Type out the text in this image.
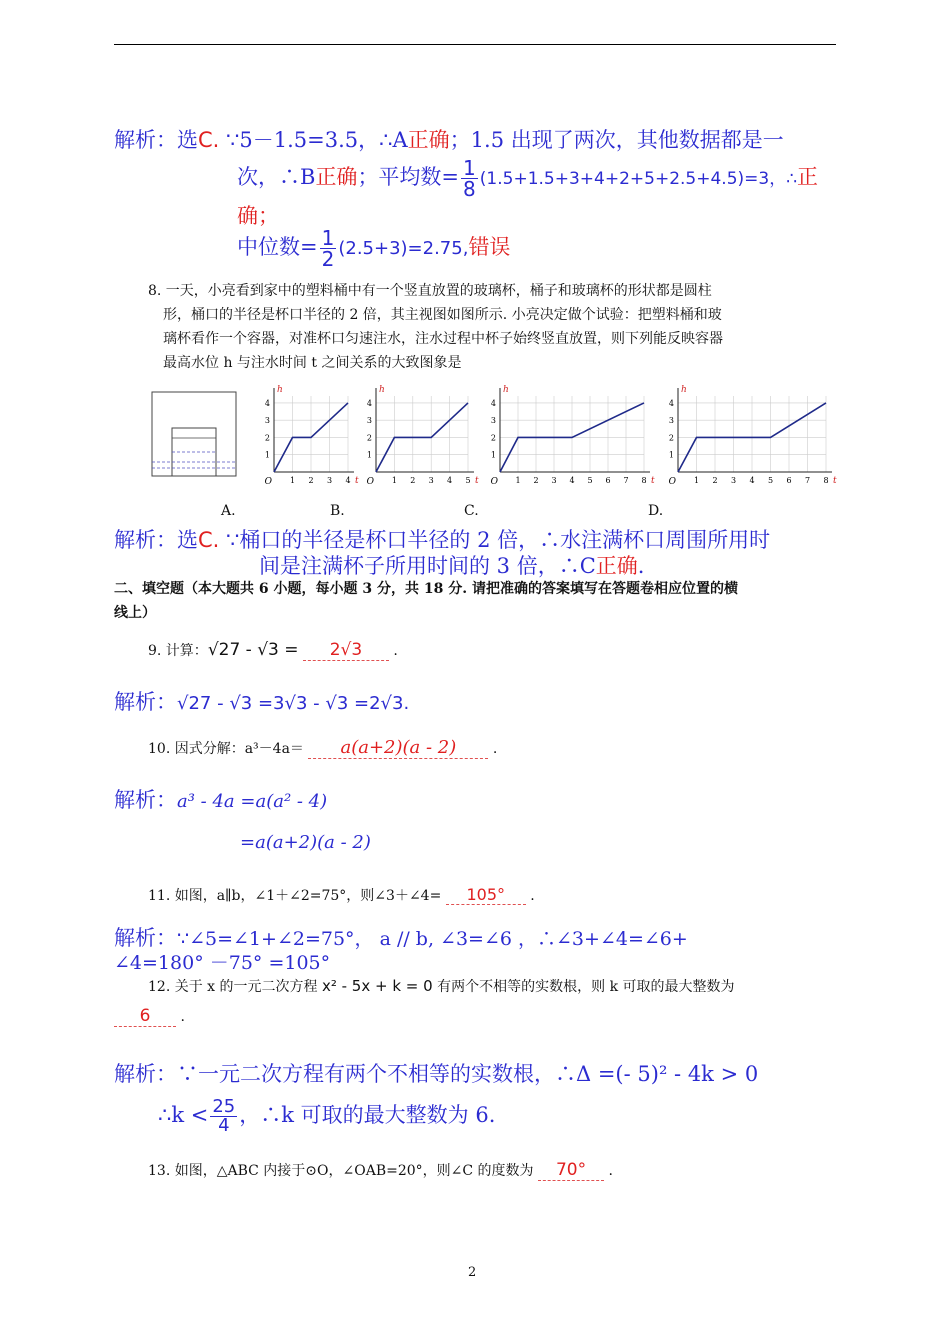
解析：选C. ∵5－1.5=3.5，∴A正确；1.5 出现了两次，其他数据都是一
次，∴B正确；平均数= $\frac{1}{8} (1.5+1.5+3+4+2+5+2.5+4.5)=3$，∴正
确；
中位数= $\frac{1}{2} (2.5+3)=2.75$,错误
8. 一天，小亮看到家中的塑料桶中有一个竖直放置的玻璃杯，桶子和玻璃杯的形状都是圆柱
形，桶口的半径是杯口半径的 2 倍，其主视图如图所示. 小亮决定做个试验：把塑料桶和玻
璃杯看作一个容器，对准杯口匀速注水，注水过程中杯子始终竖直放置，则下列能反映容器
最高水位 h 与注水时间 t 之间关系的大致图象是
1 2 3 4
1
2
3
4
O
h
t	1 2 3 4 5
1
2
3
4
O
h
t	1 2 3 4 5 6 7 8
1
2
3
4
O
h
t	1 2 3 4 5 6 7 8
1
2
3
4
O
h
t
A.	B.	C.	D.
解析：选C. ∵桶口的半径是杯口半径的 2 倍，∴水注满杯口周围所用时
间是注满杯子所用时间的 3 倍，∴C正确.
二、填空题（本大题共 6 小题，每小题 3 分，共 18 分. 请把准确的答案填写在答题卷相应位置的横
线上）
9. 计算：√27 - √3 = 2√3 .
解析：√27 - √3 =3√3 - √3 =2√3.
10. 因式分解：a³－4a＝ a(a+2)(a - 2)	.
解析：a³ - 4a =a(a² - 4)
=a(a+2)(a - 2)
11. 如图，a∥b，∠1＋∠2=75°，则∠3＋∠4= 105° .
解析：∵∠5=∠1+∠2=75°， a // b, ∠3=∠6 ，∴∠3+∠4=∠6+
∠4=180° －75° =105°
12. 关于 x 的一元二次方程 x² - 5x + k = 0 有两个不相等的实数根，则 k 可取的最大整数为
6 .
解析：∵一元二次方程有两个不相等的实数根，∴Δ =(- 5)² - 4k > 0
∴k < $\frac{25}{4}$ ，∴k 可取的最大整数为 6.
13. 如图，△ABC 内接于⊙O，∠OAB=20°，则∠C 的度数为 70° .
2
